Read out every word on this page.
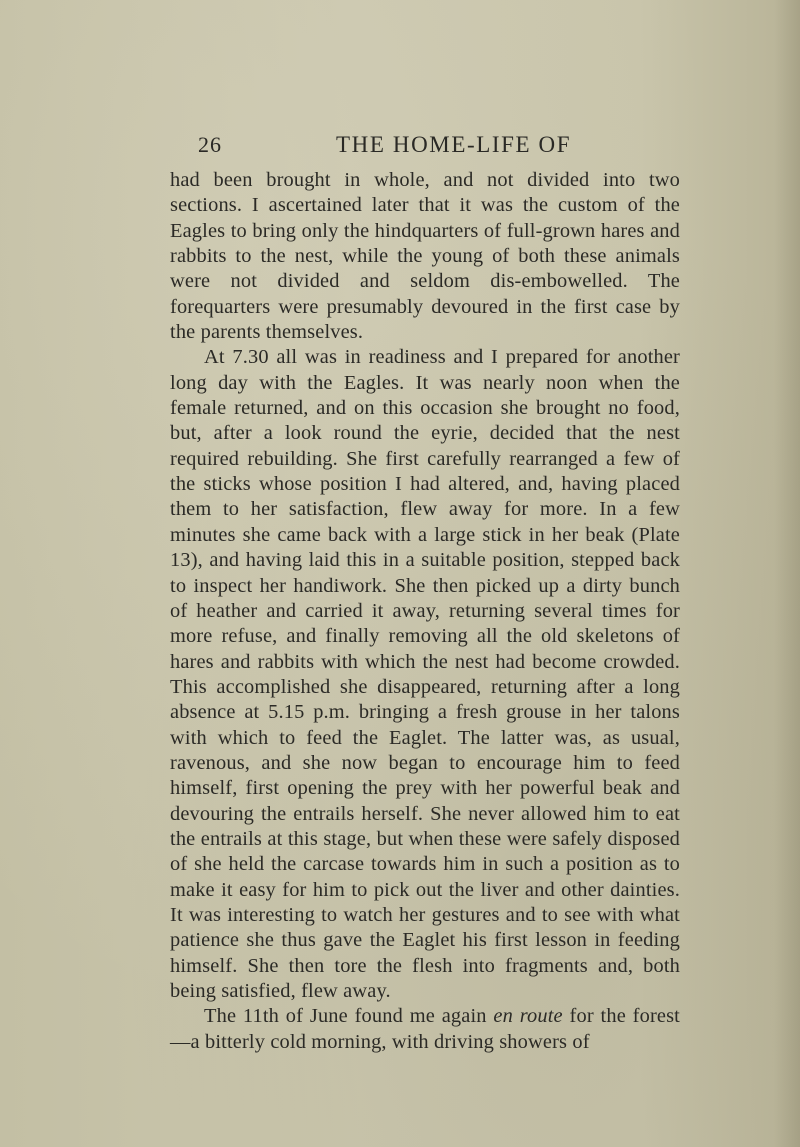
26	THE HOME-LIFE OF

had been brought in whole, and not divided into two sections. I ascertained later that it was the custom of the Eagles to bring only the hindquarters of full-grown hares and rabbits to the nest, while the young of both these animals were not divided and seldom dis-embowelled. The forequarters were presumably devoured in the first case by the parents themselves.

At 7.30 all was in readiness and I prepared for another long day with the Eagles. It was nearly noon when the female returned, and on this occasion she brought no food, but, after a look round the eyrie, decided that the nest required rebuilding. She first carefully rearranged a few of the sticks whose position I had altered, and, having placed them to her satisfaction, flew away for more. In a few minutes she came back with a large stick in her beak (Plate 13), and having laid this in a suitable position, stepped back to inspect her handiwork. She then picked up a dirty bunch of heather and carried it away, returning several times for more refuse, and finally removing all the old skeletons of hares and rabbits with which the nest had become crowded. This accomplished she disappeared, returning after a long absence at 5.15 p.m. bringing a fresh grouse in her talons with which to feed the Eaglet. The latter was, as usual, ravenous, and she now began to encourage him to feed himself, first opening the prey with her powerful beak and devouring the entrails herself. She never allowed him to eat the entrails at this stage, but when these were safely disposed of she held the carcase towards him in such a position as to make it easy for him to pick out the liver and other dainties. It was interesting to watch her gestures and to see with what patience she thus gave the Eaglet his first lesson in feeding himself. She then tore the flesh into fragments and, both being satisfied, flew away.

The 11th of June found me again en route for the forest—a bitterly cold morning, with driving showers of
